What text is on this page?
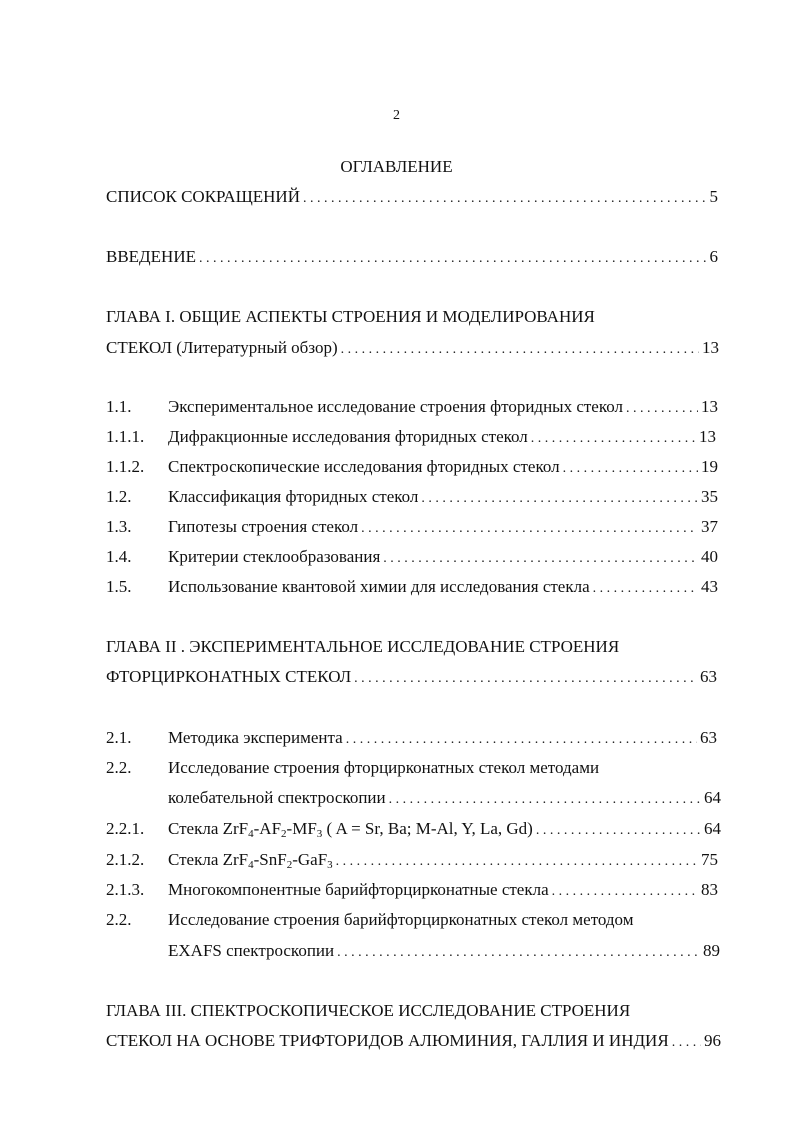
2
ОГЛАВЛЕНИЕ
СПИСОК СОКРАЩЕНИЙ . . .	5
ВВЕДЕНИЕ . . .	6
ГЛАВА I. ОБЩИЕ АСПЕКТЫ СТРОЕНИЯ И МОДЕЛИРОВАНИЯ
СТЕКОЛ (Литературный обзор) . . .	13
1.1.	Экспериментальное исследование строения фторидных стекол . . .	13
1.1.1.	Дифракционные исследования фторидных стекол . . .	13
1.1.2.	Спектроскопические исследования фторидных стекол . . .	19
1.2.	Классификация фторидных стекол . . .	35
1.3.	Гипотезы строения стекол . . .	37
1.4.	Критерии стеклообразования . . .	40
1.5.	Использование квантовой химии для исследования стекла . . .	43
ГЛАВА II . ЭКСПЕРИМЕНТАЛЬНОЕ ИССЛЕДОВАНИЕ СТРОЕНИЯ
ФТОРЦИРКОНАТНЫХ СТЕКОЛ . . .	63
2.1.	Методика эксперимента . . .	63
2.2. Исследование строения фторцирконатных стекол методами
колебательной спектроскопии . . .	64
2.2.1.	Стекла $ZrF_4-AF_2-MF_3$ ( A = Sr, Ba; M-Al, Y, La, Gd) . . .	64
2.1.2.	Стекла ZrF$_4$-SnF$_2$-GaF$_3$ . . .	75
2.1.3.	Многокомпонентные барийфторцирконатные стекла . . .	83
2.2. Исследование строения барийфторцирконатных стекол методом
EXAFS спектроскопии . . .	89
ГЛАВА III. СПЕКТРОСКОПИЧЕСКОЕ ИССЛЕДОВАНИЕ СТРОЕНИЯ
СТЕКОЛ НА ОСНОВЕ ТРИФТОРИДОВ АЛЮМИНИЯ, ГАЛЛИЯ И ИНДИЯ . . . 96
